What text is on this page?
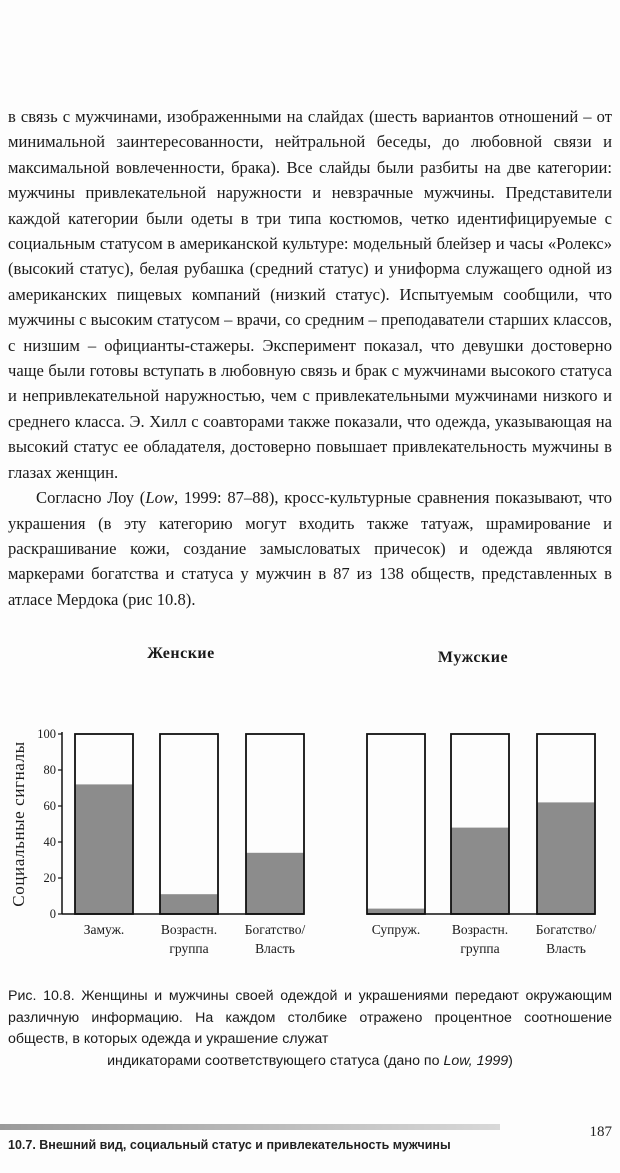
в связь с мужчинами, изображенными на слайдах (шесть вариантов отношений – от минимальной заинтересованности, нейтральной беседы, до любовной связи и максимальной вовлеченности, брака). Все слайды были разбиты на две категории: мужчины привлекательной наружности и невзрачные мужчины. Представители каждой категории были одеты в три типа костюмов, четко идентифицируемые с социальным статусом в американской культуре: модельный блейзер и часы «Ролекс» (высокий статус), белая рубашка (средний статус) и униформа служащего одной из американских пищевых компаний (низкий статус). Испытуемым сообщили, что мужчины с высоким статусом – врачи, со средним – преподаватели старших классов, с низшим – официанты-стажеры. Эксперимент показал, что девушки достоверно чаще были готовы вступать в любовную связь и брак с мужчинами высокого статуса и непривлекательной наружностью, чем с привлекательными мужчинами низкого и среднего класса. Э. Хилл с соавторами также показали, что одежда, указывающая на высокий статус ее обладателя, достоверно повышает привлекательность мужчины в глазах женщин.

Согласно Лоу (Low, 1999: 87–88), кросс-культурные сравнения показывают, что украшения (в эту категорию могут входить также татуаж, шрамирование и раскрашивание кожи, создание замысловатых причесок) и одежда являются маркерами богатства и статуса у мужчин в 87 из 138 обществ, представленных в атласе Мердока (рис 10.8).

Женские
0
20
40
60
80
100
Социальные сигналы
Замуж.	Возрастн.
группа
Богатство/
Власть
Мужские
Супруж. Возрастн.
группа
Богатство/
Власть

Рис. 10.8. Женщины и мужчины своей одеждой и украшениями передают окружающим различную информацию. На каждом столбике отражено процентное соотношение обществ, в которых одежда и украшение служат
индикаторами соответствующего статуса (дано по Low, 1999)

10.7. Внешний вид, социальный статус и привлекательность мужчины
187
